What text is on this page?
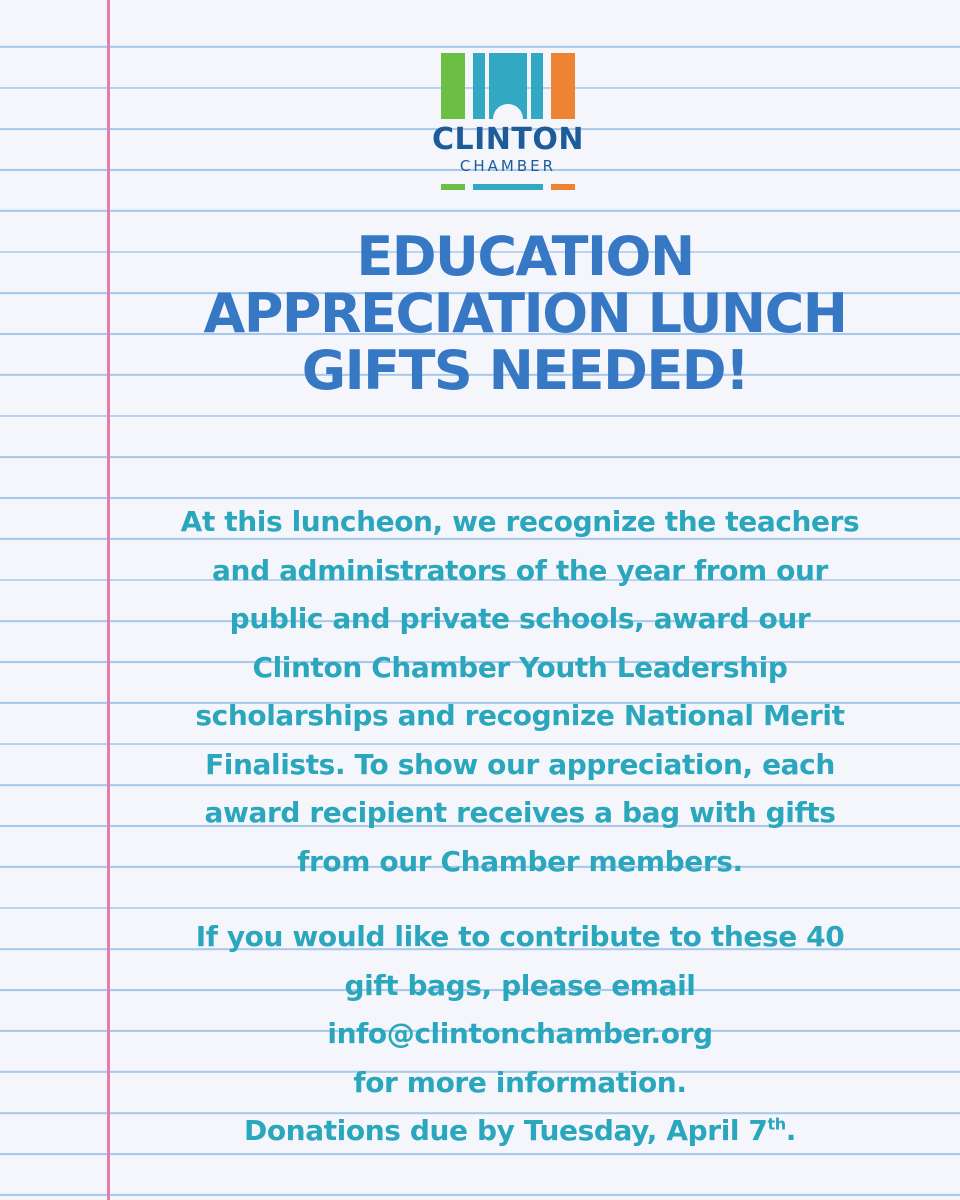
CLINTON
CHAMBER
EDUCATION
APPRECIATION LUNCH
GIFTS NEEDED!
At this luncheon, we recognize the teachers
and administrators of the year from our
public and private schools, award our
Clinton Chamber Youth Leadership
scholarships and recognize National Merit
Finalists. To show our appreciation, each
award recipient receives a bag with gifts
from our Chamber members.
If you would like to contribute to these 40
gift bags, please email
info@clintonchamber.org
for more information.
Donations due by Tuesday, April 7th.
